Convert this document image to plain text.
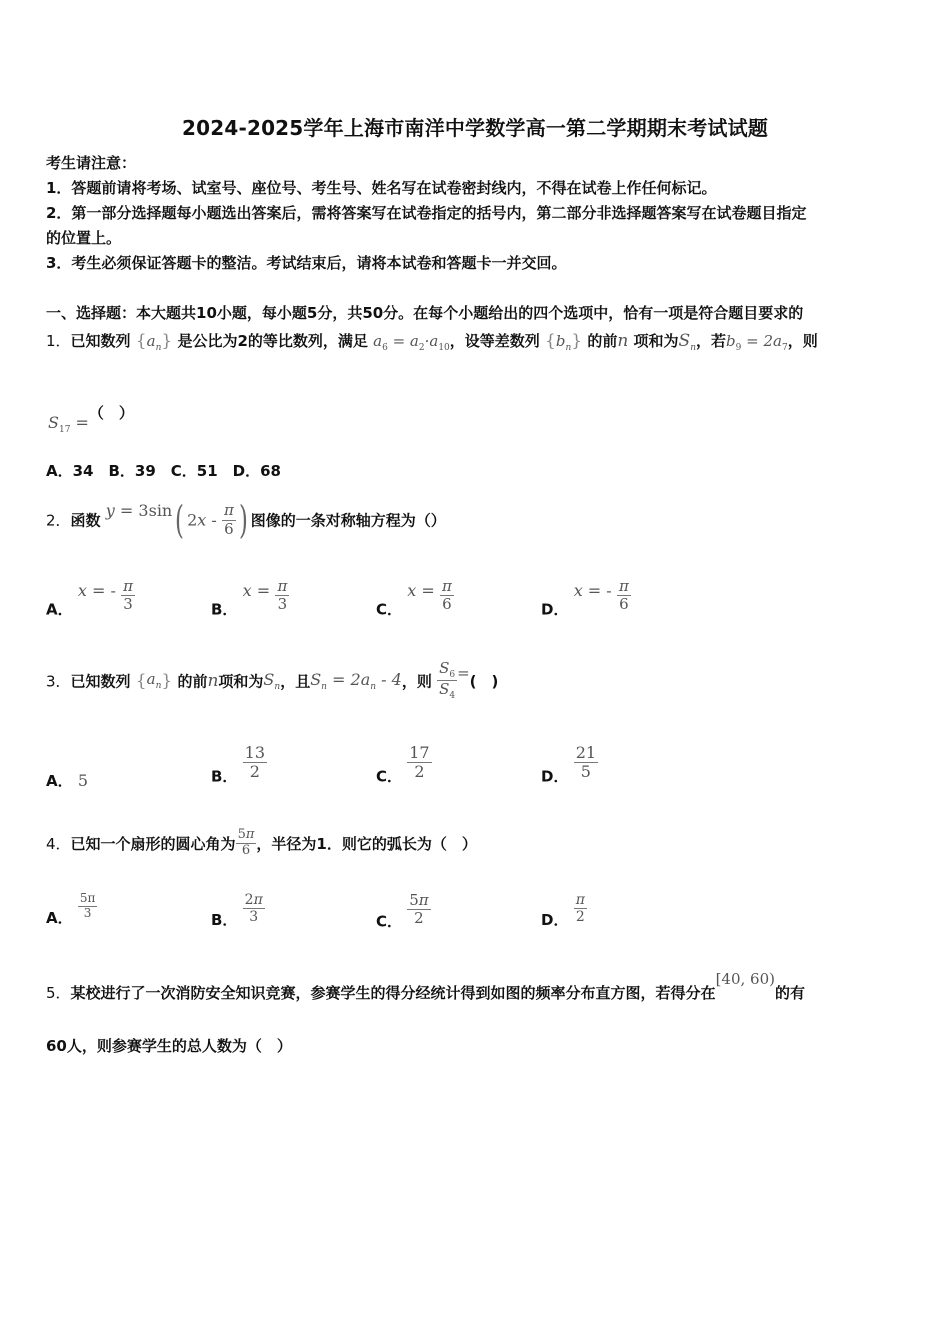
2024-2025学年上海市南洋中学数学高一第二学期期末考试试题
考生请注意：
1．答题前请将考场、试室号、座位号、考生号、姓名写在试卷密封线内，不得在试卷上作任何标记。
2．第一部分选择题每小题选出答案后，需将答案写在试卷指定的括号内，第二部分非选择题答案写在试卷题目指定
的位置上。
3．考生必须保证答题卡的整洁。考试结束后，请将本试卷和答题卡一并交回。
一、选择题：本大题共10小题，每小题5分，共50分。在每个小题给出的四个选项中，恰有一项是符合题目要求的
1．已知数列 $\{a_n\}$ 是公比为2的等比数列，满足 $a_6 = a_2\cdot a_{10}$，设等差数列 $\{b_n\}$ 的前n 项和为$S_n$，若$b_9 = 2a_7$，则
$S_{17}$ =（　）
A．34　B．39　C．51　D．68
2．函数 y = 3sin( $2x - \frac{\pi}{6}$ ) 图像的一条对称轴方程为（）
A． x = - $\frac{\pi}{3}$	B． $x = \frac{\pi}{3}$	C． $x = \frac{\pi}{6}$	D． x = - $\frac{\pi}{6}$
3．已知数列 $\{a_n\}$ 的前n项和为$S_n$，且$S_n = 2a_n - 4$，则 $\frac{S_6}{S_4}$ =(　)
A． 5	B． $\frac{13}{2}$	C． $\frac{17}{2}$	D． $\frac{21}{5}$
4．已知一个扇形的圆心角为 $\frac{5\pi}{6}$ ，半径为1．则它的弧长为（　）
A． $\frac{5\pi}{3}$	B． $\frac{2\pi}{3}$	C． $\frac{5\pi}{2}$	D． $\frac{\pi}{2}$
5．某校进行了一次消防安全知识竞赛，参赛学生的得分经统计得到如图的频率分布直方图，若得分在[40, 60)的有
60人，则参赛学生的总人数为（　）
